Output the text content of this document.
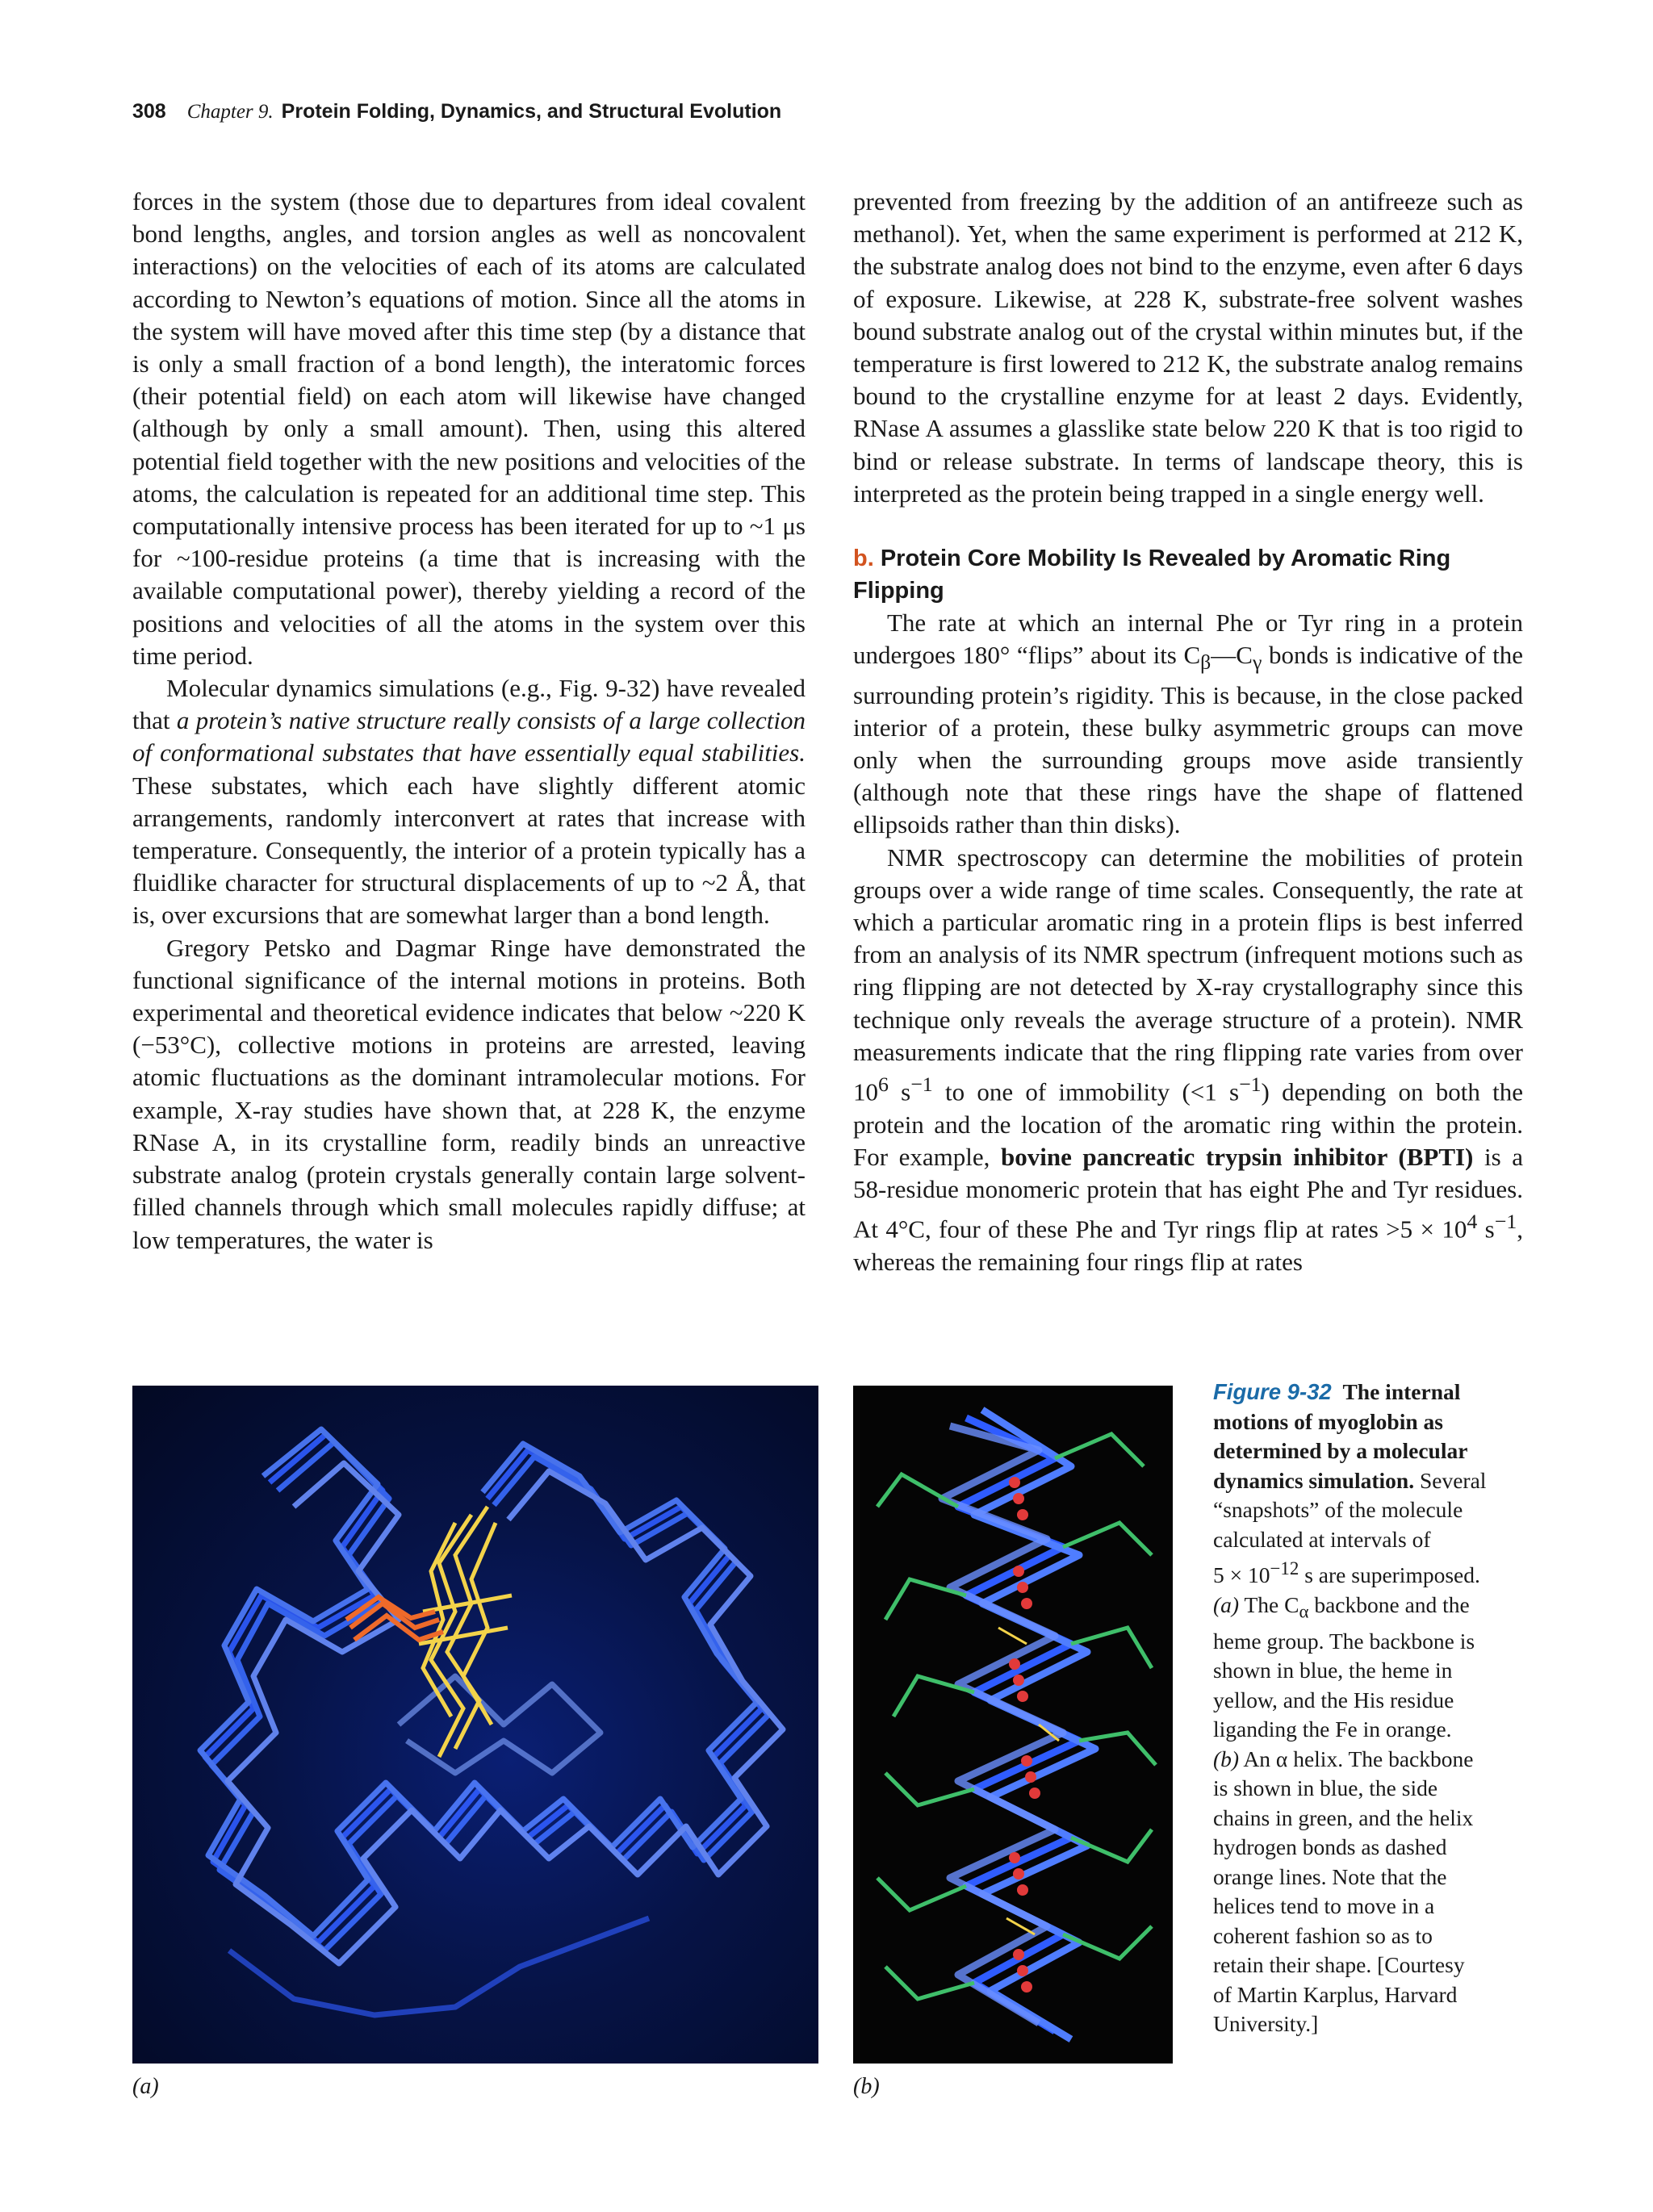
308 Chapter 9. Protein Folding, Dynamics, and Structural Evolution

forces in the system (those due to departures from ideal covalent bond lengths, angles, and torsion angles as well as noncovalent interactions) on the velocities of each of its atoms are calculated according to Newton’s equations of motion. Since all the atoms in the system will have moved after this time step (by a distance that is only a small fraction of a bond length), the interatomic forces (their potential field) on each atom will likewise have changed (although by only a small amount). Then, using this altered potential field together with the new positions and velocities of the atoms, the calculation is repeated for an additional time step. This computationally intensive process has been iterated for up to ~1 μs for ~100-residue proteins (a time that is increasing with the available computational power), thereby yielding a record of the positions and velocities of all the atoms in the system over this time period.

Molecular dynamics simulations (e.g., Fig. 9-32) have revealed that a protein’s native structure really consists of a large collection of conformational substates that have essentially equal stabilities. These substates, which each have slightly different atomic arrangements, randomly interconvert at rates that increase with temperature. Consequently, the interior of a protein typically has a fluidlike character for structural displacements of up to ~2 Å, that is, over excursions that are somewhat larger than a bond length.

Gregory Petsko and Dagmar Ringe have demonstrated the functional significance of the internal motions in proteins. Both experimental and theoretical evidence indicates that below ~220 K (−53°C), collective motions in proteins are arrested, leaving atomic fluctuations as the dominant intramolecular motions. For example, X-ray studies have shown that, at 228 K, the enzyme RNase A, in its crystalline form, readily binds an unreactive substrate analog (protein crystals generally contain large solvent-filled channels through which small molecules rapidly diffuse; at low temperatures, the water is

prevented from freezing by the addition of an antifreeze such as methanol). Yet, when the same experiment is performed at 212 K, the substrate analog does not bind to the enzyme, even after 6 days of exposure. Likewise, at 228 K, substrate-free solvent washes bound substrate analog out of the crystal within minutes but, if the temperature is first lowered to 212 K, the substrate analog remains bound to the crystalline enzyme for at least 2 days. Evidently, RNase A assumes a glasslike state below 220 K that is too rigid to bind or release substrate. In terms of landscape theory, this is interpreted as the protein being trapped in a single energy well.

b. Protein Core Mobility Is Revealed by Aromatic Ring Flipping

The rate at which an internal Phe or Tyr ring in a protein undergoes 180° “flips” about its $C_\beta—C_\gamma$ bonds is indicative of the surrounding protein’s rigidity. This is because, in the close packed interior of a protein, these bulky asymmetric groups can move only when the surrounding groups move aside transiently (although note that these rings have the shape of flattened ellipsoids rather than thin disks).

NMR spectroscopy can determine the mobilities of protein groups over a wide range of time scales. Consequently, the rate at which a particular aromatic ring in a protein flips is best inferred from an analysis of its NMR spectrum (infrequent motions such as ring flipping are not detected by X-ray crystallography since this technique only reveals the average structure of a protein). NMR measurements indicate that the ring flipping rate varies from over $10^6$ $s^{-1}$ to one of immobility (<1 $s^{-1}$) depending on both the protein and the location of the aromatic ring within the protein. For example, bovine pancreatic trypsin inhibitor (BPTI) is a 58-residue monomeric protein that has eight Phe and Tyr residues. At 4°C, four of these Phe and Tyr rings flip at rates $>5 \times 10^4$ $s^{-1}$, whereas the remaining four rings flip at rates

(a)	(b)
Figure 9-32 The internal
motions of myoglobin as
determined by a molecular
dynamics simulation. Several
“snapshots” of the molecule
calculated at intervals of
$5 \times 10^{-12}$ s are superimposed.
(a) The $C_\alpha$ backbone and the
heme group. The backbone is
shown in blue, the heme in
yellow, and the His residue
liganding the Fe in orange.
(b) An α helix. The backbone
is shown in blue, the side
chains in green, and the helix
hydrogen bonds as dashed
orange lines. Note that the
helices tend to move in a
coherent fashion so as to
retain their shape. [Courtesy
of Martin Karplus, Harvard
University.]
